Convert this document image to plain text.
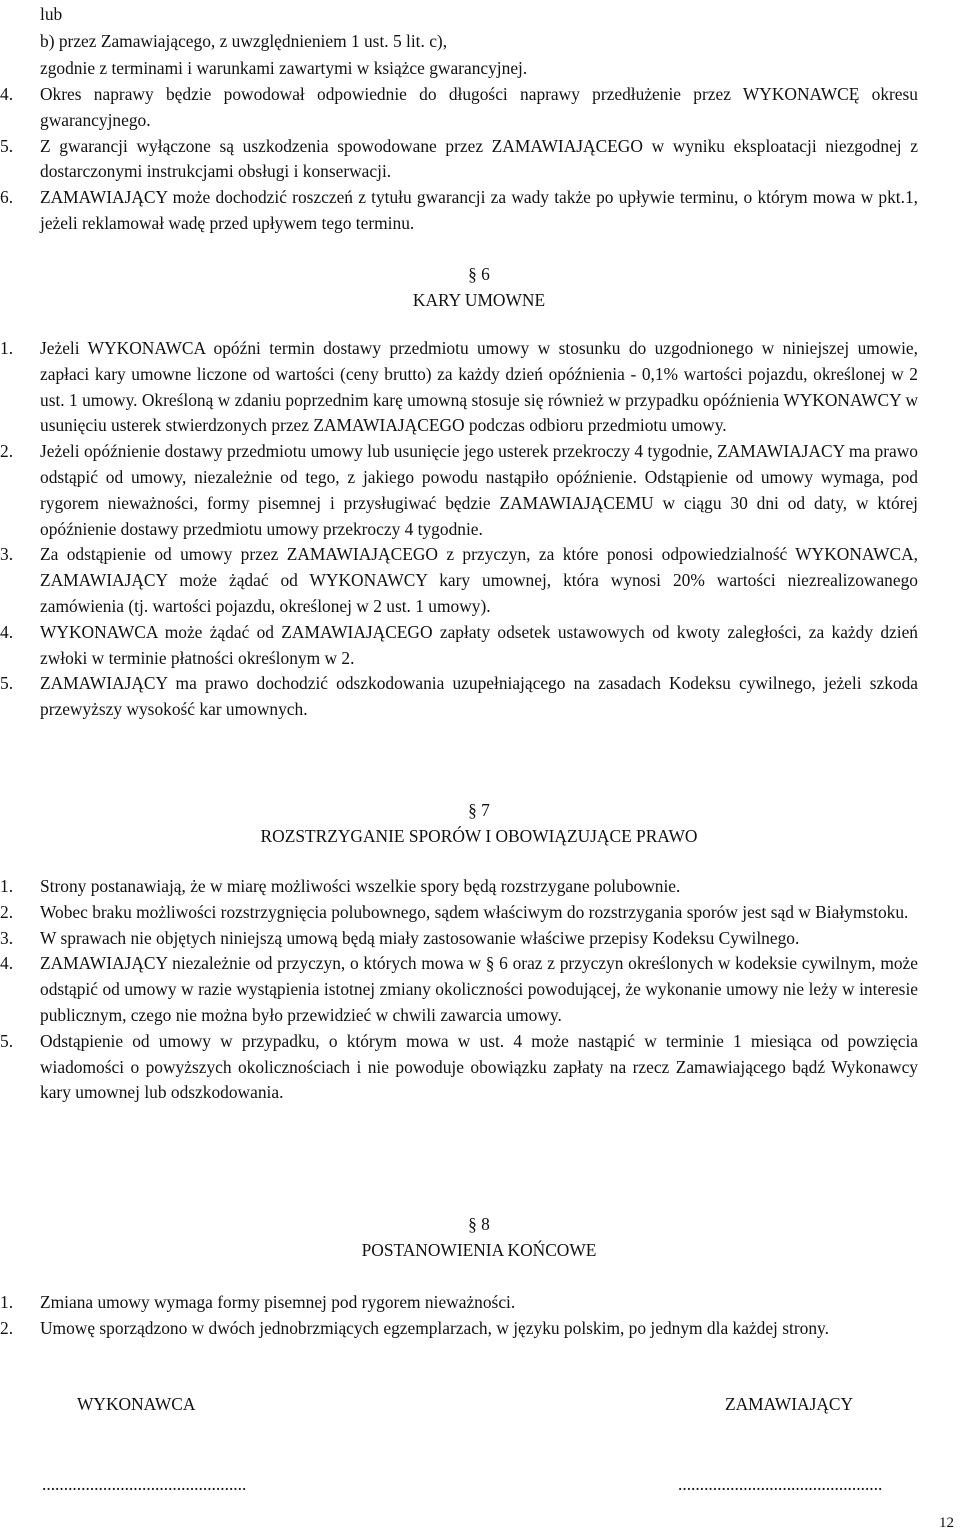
lub

b) przez Zamawiającego, z uwzględnieniem 1 ust. 5 lit. c),

zgodnie z terminami i warunkami zawartymi w książce gwarancyjnej.

4.	Okres naprawy będzie powodował odpowiednie do długości naprawy przedłużenie przez WYKONAWCĘ okresu gwarancyjnego.

5.	Z gwarancji wyłączone są uszkodzenia spowodowane przez ZAMAWIAJĄCEGO w wyniku eksploatacji niezgodnej z dostarczonymi instrukcjami obsługi i konserwacji.

6.	ZAMAWIAJĄCY może dochodzić roszczeń z tytułu gwarancji za wady także po upływie terminu, o którym mowa w pkt.1, jeżeli reklamował wadę przed upływem tego terminu.

§ 6
KARY UMOWNE
1.	Jeżeli WYKONAWCA opóźni termin dostawy przedmiotu umowy w stosunku do uzgodnionego w niniejszej umowie, zapłaci kary umowne liczone od wartości (ceny brutto) za każdy dzień opóźnienia - 0,1% wartości pojazdu, określonej w 2 ust. 1 umowy. Określoną w zdaniu poprzednim karę umowną stosuje się również w przypadku opóźnienia WYKONAWCY w usunięciu usterek stwierdzonych przez ZAMAWIAJĄCEGO podczas odbioru przedmiotu umowy.

2.	Jeżeli opóźnienie dostawy przedmiotu umowy lub usunięcie jego usterek przekroczy 4 tygodnie, ZAMAWIAJACY ma prawo odstąpić od umowy, niezależnie od tego, z jakiego powodu nastąpiło opóźnienie. Odstąpienie od umowy wymaga, pod rygorem nieważności, formy pisemnej i przysługiwać będzie ZAMAWIAJĄCEMU w ciągu 30 dni od daty, w której opóźnienie dostawy przedmiotu umowy przekroczy 4 tygodnie.

3.	Za odstąpienie od umowy przez ZAMAWIAJĄCEGO z przyczyn, za które ponosi odpowiedzialność WYKONAWCA, ZAMAWIAJĄCY może żądać od WYKONAWCY kary umownej, która wynosi 20% wartości niezrealizowanego zamówienia (tj. wartości pojazdu, określonej w 2 ust. 1 umowy).

4.	WYKONAWCA może żądać od ZAMAWIAJĄCEGO zapłaty odsetek ustawowych od kwoty zaległości, za każdy dzień zwłoki w terminie płatności określonym w 2.

5.	ZAMAWIAJĄCY ma prawo dochodzić odszkodowania uzupełniającego na zasadach Kodeksu cywilnego, jeżeli szkoda przewyższy wysokość kar umownych.

§ 7
ROZSTRZYGANIE SPORÓW I OBOWIĄZUJĄCE PRAWO
1.	Strony postanawiają, że w miarę możliwości wszelkie spory będą rozstrzygane polubownie.

2.	Wobec braku możliwości rozstrzygnięcia polubownego, sądem właściwym do rozstrzygania sporów jest sąd w Białymstoku.

3.	W sprawach nie objętych niniejszą umową będą miały zastosowanie właściwe przepisy Kodeksu Cywilnego.

4.	ZAMAWIAJĄCY niezależnie od przyczyn, o których mowa w § 6 oraz z przyczyn określonych w kodeksie cywilnym, może odstąpić od umowy w razie wystąpienia istotnej zmiany okoliczności powodującej, że wykonanie umowy nie leży w interesie publicznym, czego nie można było przewidzieć w chwili zawarcia umowy.

5.	Odstąpienie od umowy w przypadku, o którym mowa w ust. 4 może nastąpić w terminie 1 miesiąca od powzięcia wiadomości o powyższych okolicznościach i nie powoduje obowiązku zapłaty na rzecz Zamawiającego bądź Wykonawcy kary umownej lub odszkodowania.

§ 8
POSTANOWIENIA KOŃCOWE
1.	Zmiana umowy wymaga formy pisemnej pod rygorem nieważności.

2.	Umowę sporządzono w dwóch jednobrzmiących egzemplarzach, w języku polskim, po jednym dla każdej strony.

WYKONAWCA	ZAMAWIAJĄCY
...............................................	...............................................
12
